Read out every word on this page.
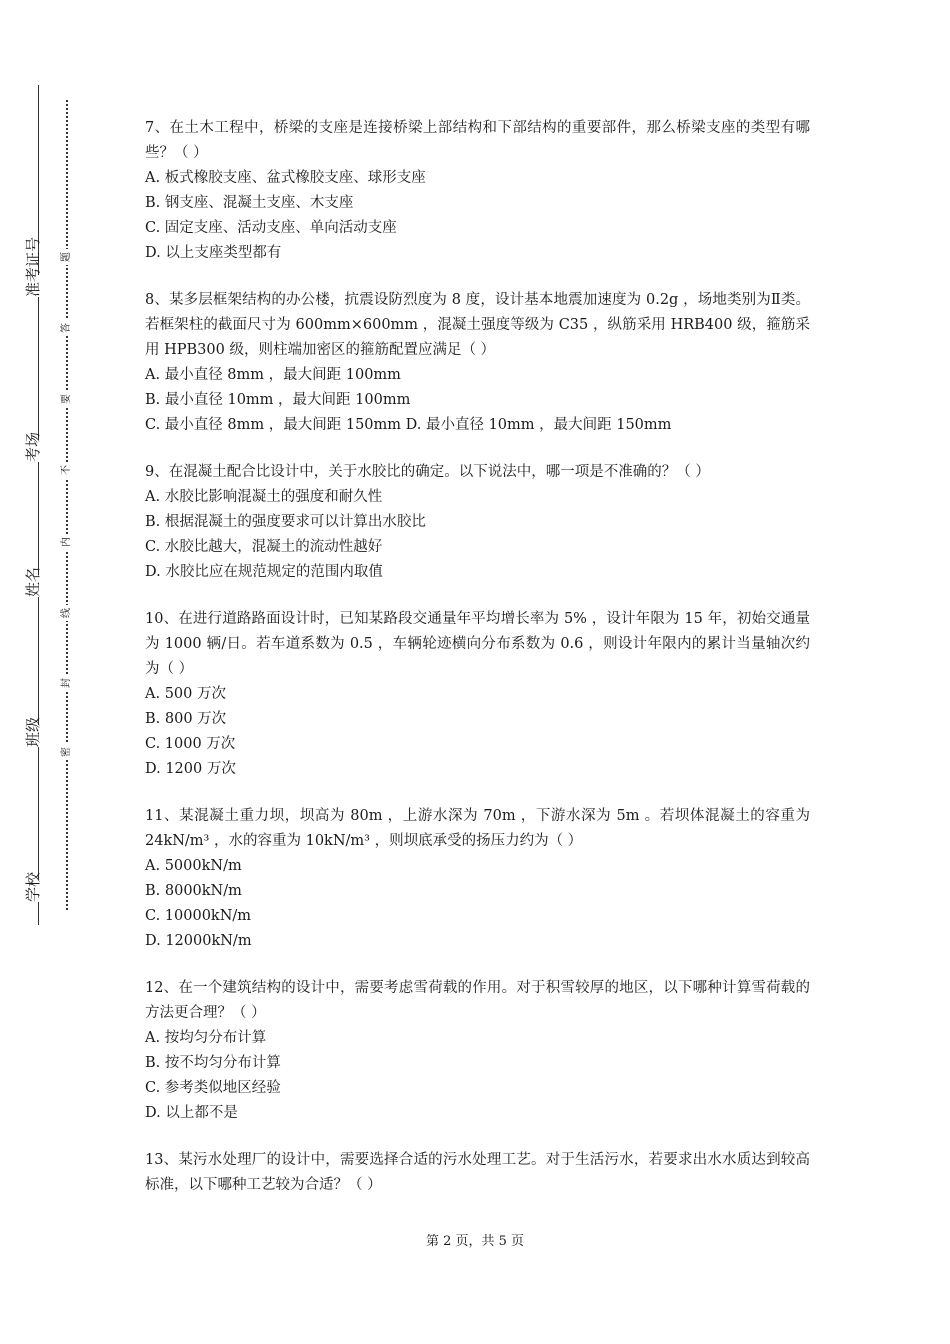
学校
班级
姓名
考场
准考证号
密
封
线
内
不
要
答
题
7、在土木工程中，桥梁的支座是连接桥梁上部结构和下部结构的重要部件，那么桥梁支座的类型有哪些？（ ）
A. 板式橡胶支座、盆式橡胶支座、球形支座
B. 钢支座、混凝土支座、木支座
C. 固定支座、活动支座、单向活动支座
D. 以上支座类型都有
8、某多层框架结构的办公楼，抗震设防烈度为 8 度，设计基本地震加速度为 0.2g ，场地类别为Ⅱ类。若框架柱的截面尺寸为 600mm×600mm ，混凝土强度等级为 C35 ，纵筋采用 HRB400 级，箍筋采用 HPB300 级，则柱端加密区的箍筋配置应满足（ ）
A. 最小直径 8mm ，最大间距 100mm
B. 最小直径 10mm ，最大间距 100mm
C. 最小直径 8mm ，最大间距 150mm D. 最小直径 10mm ，最大间距 150mm
9、在混凝土配合比设计中，关于水胶比的确定。以下说法中，哪一项是不准确的？（ ）
A. 水胶比影响混凝土的强度和耐久性
B. 根据混凝土的强度要求可以计算出水胶比
C. 水胶比越大，混凝土的流动性越好
D. 水胶比应在规范规定的范围内取值
10、在进行道路路面设计时，已知某路段交通量年平均增长率为 5% ，设计年限为 15 年，初始交通量为 1000 辆/日。若车道系数为 0.5 ，车辆轮迹横向分布系数为 0.6 ，则设计年限内的累计当量轴次约为（ ）
A. 500 万次
B. 800 万次
C. 1000 万次
D. 1200 万次
11、某混凝土重力坝，坝高为 80m ，上游水深为 70m ，下游水深为 5m 。若坝体混凝土的容重为 24kN/m³ ，水的容重为 10kN/m³ ，则坝底承受的扬压力约为（ ）
A. 5000kN/m
B. 8000kN/m
C. 10000kN/m
D. 12000kN/m
12、在一个建筑结构的设计中，需要考虑雪荷载的作用。对于积雪较厚的地区，以下哪种计算雪荷载的方法更合理？（ ）
A. 按均匀分布计算
B. 按不均匀分布计算
C. 参考类似地区经验
D. 以上都不是
13、某污水处理厂的设计中，需要选择合适的污水处理工艺。对于生活污水，若要求出水水质达到较高标准，以下哪种工艺较为合适？（ ）
第 2 页，共 5 页
